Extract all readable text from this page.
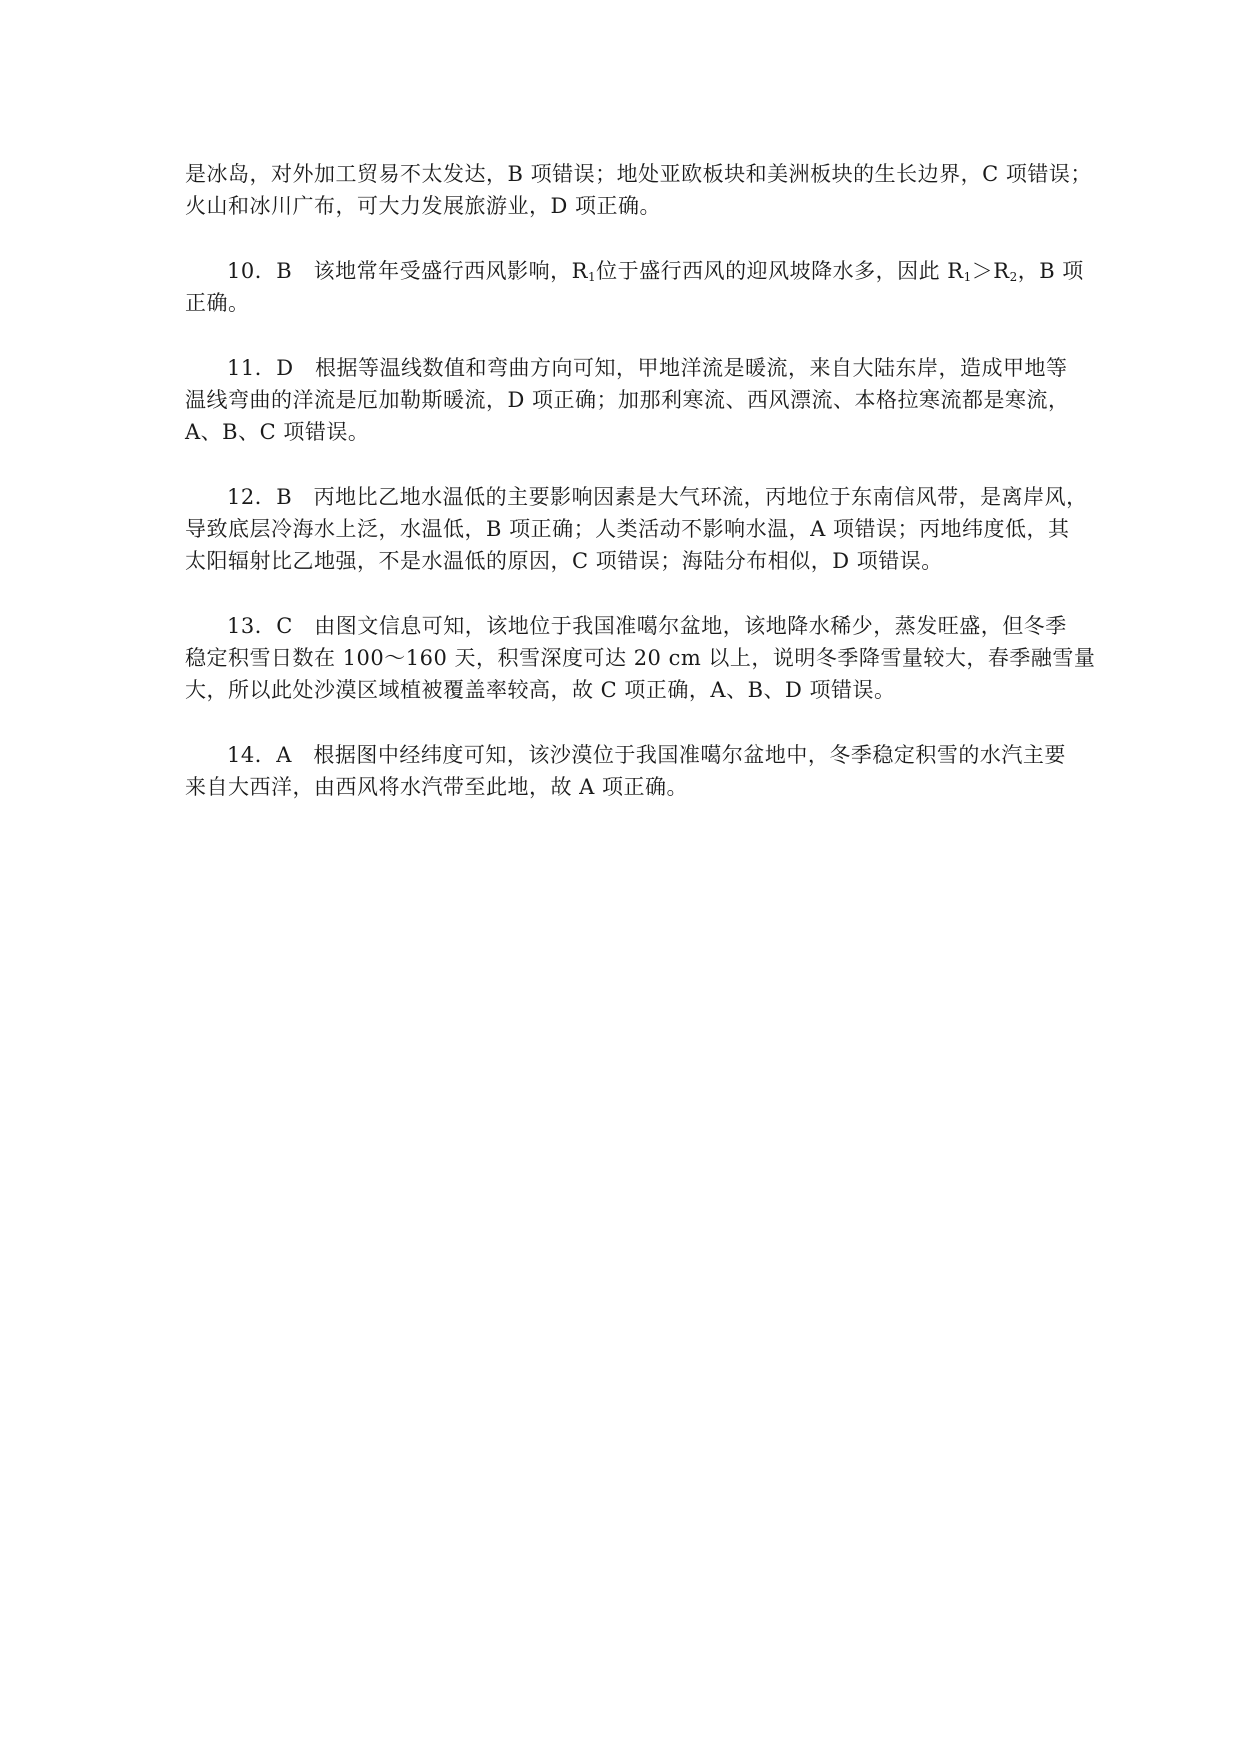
是冰岛，对外加工贸易不太发达，B 项错误；地处亚欧板块和美洲板块的生长边界，C 项错误；
火山和冰川广布，可大力发展旅游业，D 项正确。
10．B　该地常年受盛行西风影响，$R_1$位于盛行西风的迎风坡降水多，因此 $R_1>R_2$，B 项
正确。
11．D　根据等温线数值和弯曲方向可知，甲地洋流是暖流，来自大陆东岸，造成甲地等
温线弯曲的洋流是厄加勒斯暖流，D 项正确；加那利寒流、西风漂流、本格拉寒流都是寒流，
A、B、C 项错误。
12．B　丙地比乙地水温低的主要影响因素是大气环流，丙地位于东南信风带，是离岸风，
导致底层冷海水上泛，水温低，B 项正确；人类活动不影响水温，A 项错误；丙地纬度低，其
太阳辐射比乙地强，不是水温低的原因，C 项错误；海陆分布相似，D 项错误。
13．C　由图文信息可知，该地位于我国准噶尔盆地，该地降水稀少，蒸发旺盛，但冬季
稳定积雪日数在 100～160 天，积雪深度可达 20 cm 以上，说明冬季降雪量较大，春季融雪量
大，所以此处沙漠区域植被覆盖率较高，故 C 项正确，A、B、D 项错误。
14．A　根据图中经纬度可知，该沙漠位于我国准噶尔盆地中，冬季稳定积雪的水汽主要
来自大西洋，由西风将水汽带至此地，故 A 项正确。
